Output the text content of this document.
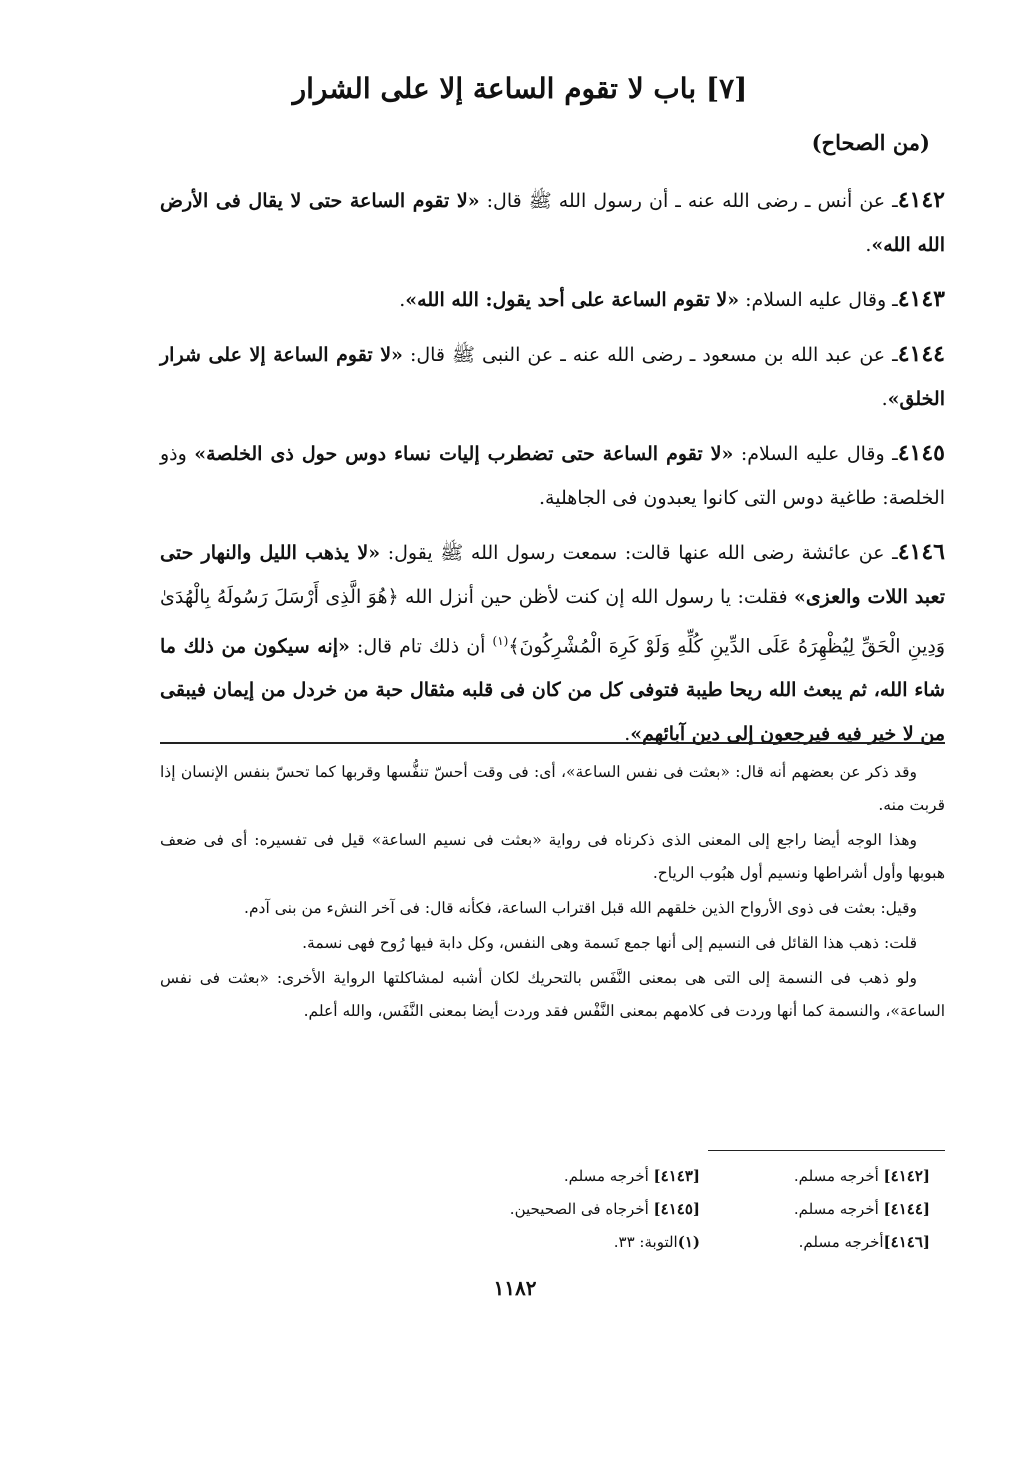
[٧] باب لا تقوم الساعة إلا على الشرار
(من الصحاح)

٤١٤٢ـ عن أنس ـ رضى الله عنه ـ أن رسول الله ﷺ قال: «لا تقوم الساعة حتى لا يقال فى الأرض الله الله».

٤١٤٣ـ وقال عليه السلام: «لا تقوم الساعة على أحد يقول: الله الله».

٤١٤٤ـ عن عبد الله بن مسعود ـ رضى الله عنه ـ عن النبى ﷺ قال: «لا تقوم الساعة إلا على شرار الخلق».

٤١٤٥ـ وقال عليه السلام: «لا تقوم الساعة حتى تضطرب إليات نساء دوس حول ذى الخلصة» وذو الخلصة: طاغية دوس التى كانوا يعبدون فى الجاهلية.

٤١٤٦ـ عن عائشة رضى الله عنها قالت: سمعت رسول الله ﷺ يقول: «لا يذهب الليل والنهار حتى تعبد اللات والعزى» فقلت: يا رسول الله إن كنت لأظن حين أنزل الله ﴿هُوَ الَّذِى أَرْسَلَ رَسُولَهُ بِالْهُدَىٰ وَدِينِ الْحَقِّ لِيُظْهِرَهُ عَلَى الدِّينِ كُلِّهِ وَلَوْ كَرِهَ الْمُشْرِكُونَ﴾$^{(١)}$ أن ذلك تام قال: «إنه سيكون من ذلك ما شاء الله، ثم يبعث الله ريحا طيبة فتوفى كل من كان فى قلبه مثقال حبة من خردل من إيمان فيبقى من لا خير فيه فيرجعون إلى دين آبائهم».

وقد ذكر عن بعضهم أنه قال: «بعثت فى نفس الساعة»، أى: فى وقت أحسّ تنفُّسها وقربها كما تحسّ بنفس الإنسان إذا قربت منه.

وهذا الوجه أيضا راجع إلى المعنى الذى ذكرناه فى رواية «بعثت فى نسيم الساعة» قيل فى تفسيره: أى فى ضعف هبوبها وأول أشراطها ونسيم أول هبُوب الرياح.

وقيل: بعثت فى ذوى الأرواح الذين خلقهم الله قبل اقتراب الساعة، فكأنه قال: فى آخر النشء من بنى آدم.

قلت: ذهب هذا القائل فى النسيم إلى أنها جمع نَسمة وهى النفس، وكل دابة فيها رُوح فهى نسمة.

ولو ذهب فى النسمة إلى التى هى بمعنى النَّفَس بالتحريك لكان أشبه لمشاكلتها الرواية الأخرى: «بعثت فى نفس الساعة»، والنسمة كما أنها وردت فى كلامهم بمعنى النَّفْس فقد وردت أيضا بمعنى النَّفَس، والله أعلم.

[٤١٤٢] أخرجه مسلم.
[٤١٤٣] أخرجه مسلم.
[٤١٤٤] أخرجه مسلم.
[٤١٤٥] أخرجاه فى الصحيحين.
[٤١٤٦]أخرجه مسلم.
(١)التوبة: ٣٣.
١١٨٢
